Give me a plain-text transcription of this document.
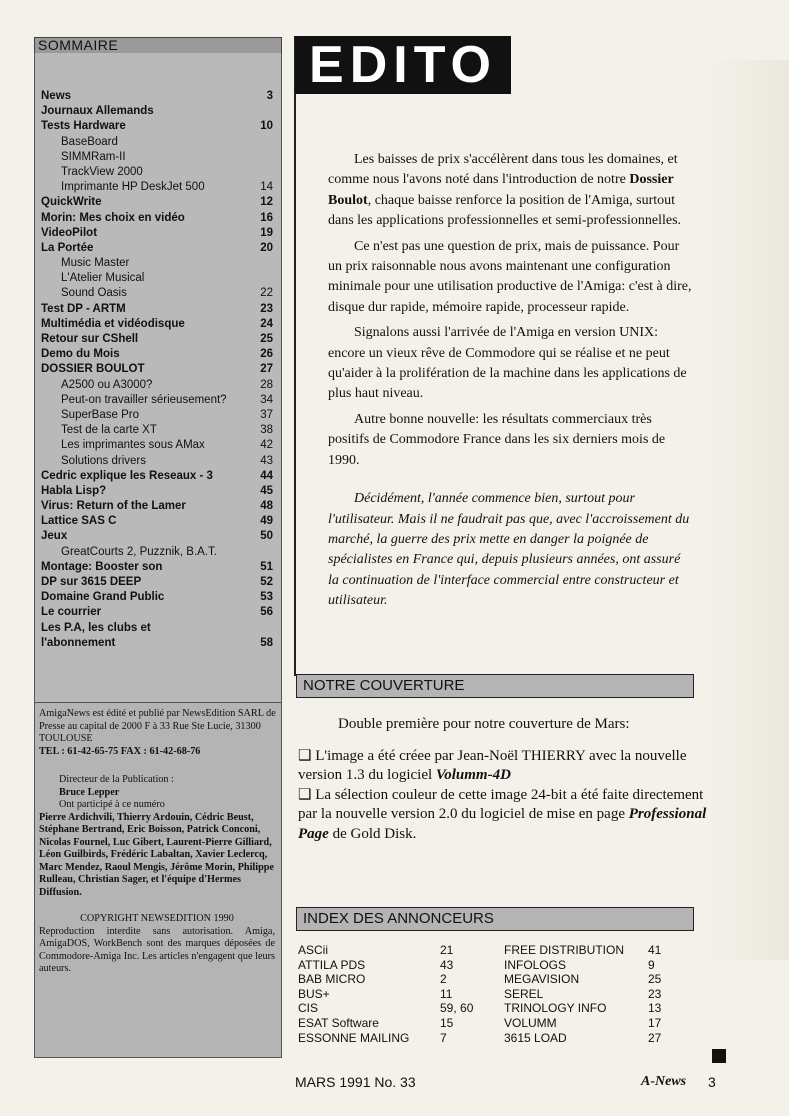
SOMMAIRE
News	3
Journaux Allemands
Tests Hardware	10
BaseBoard
SIMMRam-II
TrackView 2000
Imprimante HP DeskJet 500	14
QuickWrite	12
Morin: Mes choix en vidéo	16
VideoPilot	19
La Portée	20
Music Master
L'Atelier Musical
Sound Oasis	22
Test DP - ARTM	23
Multimédia et vidéodisque	24
Retour sur CShell	25
Demo du Mois	26
DOSSIER BOULOT	27
A2500 ou A3000?	28
Peut-on travailler sérieusement?	34
SuperBase Pro	37
Test de la carte XT	38
Les imprimantes sous AMax	42
Solutions drivers	43
Cedric explique les Reseaux - 3	44
Habla Lisp?	45
Virus: Return of the Lamer	48
Lattice SAS C	49
Jeux	50
GreatCourts 2, Puzznik, B.A.T.
Montage: Booster son	51
DP sur 3615 DEEP	52
Domaine Grand Public	53
Le courrier	56
Les P.A, les clubs et
l'abonnement	58
AmigaNews est édité et publié par NewsEdition SARL de Presse au capital de 2000 F à 33 Rue Ste Lucie, 31300 TOULOUSE
TEL : 61-42-65-75 FAX : 61-42-68-76
Directeur de la Publication :
Bruce Lepper
Ont participé à ce numéro
Pierre Ardichvili, Thierry Ardouin, Cédric Beust, Stéphane Bertrand, Eric Boisson, Patrick Conconi, Nicolas Fournel, Luc Gibert, Laurent-Pierre Gilliard, Léon Guilbirds, Frédéric Labaltan, Xavier Leclercq, Marc Mendez, Raoul Mengis, Jérôme Morin, Philippe Rulleau, Christian Sager, et l'équipe d'Hermes Diffusion.
COPYRIGHT NEWSEDITION 1990
Reproduction interdite sans autorisation. Amiga, AmigaDOS, WorkBench sont des marques déposées de Commodore-Amiga Inc. Les articles n'engagent que leurs auteurs.
EDITO

Les baisses de prix s'accélèrent dans tous les domaines, et comme nous l'avons noté dans l'introduction de notre Dossier Boulot, chaque baisse renforce la position de l'Amiga, surtout dans les applications professionnelles et semi-professionnelles.

Ce n'est pas une question de prix, mais de puissance. Pour un prix raisonnable nous avons maintenant une configuration minimale pour une utilisation productive de l'Amiga: c'est à dire, disque dur rapide, mémoire rapide, processeur rapide.

Signalons aussi l'arrivée de l'Amiga en version UNIX: encore un vieux rêve de Commodore qui se réalise et ne peut qu'aider à la prolifération de la machine dans les applications de plus haut niveau.

Autre bonne nouvelle: les résultats commerciaux très positifs de Commodore France dans les six derniers mois de 1990.

Décidément, l'année commence bien, surtout pour l'utilisateur. Mais il ne faudrait pas que, avec l'accroissement du marché, la guerre des prix mette en danger la poignée de spécialistes en France qui, depuis plusieurs années, ont assuré la continuation de l'interface commercial entre constructeur et utilisateur.

NOTRE COUVERTURE
Double première pour notre couverture de Mars:
❑ L'image a été créee par Jean-Noël THIERRY avec la nouvelle version 1.3 du logiciel Volumm-4D
❑ La sélection couleur de cette image 24-bit a été faite directement par la nouvelle version 2.0 du logiciel de mise en page Professional Page de Gold Disk.
INDEX DES ANNONCEURS
ASCii	21	FREE DISTRIBUTION 41
ATTILA PDS	43	INFOLOGS	9
BAB MICRO	2	MEGAVISION	25
BUS+	11	SEREL	23
CIS	59, 60	TRINOLOGY INFO	13
ESAT Software	15	VOLUMM	17
ESSONNE MAILING	7	3615 LOAD	27
MARS 1991 No. 33	A-News 3
